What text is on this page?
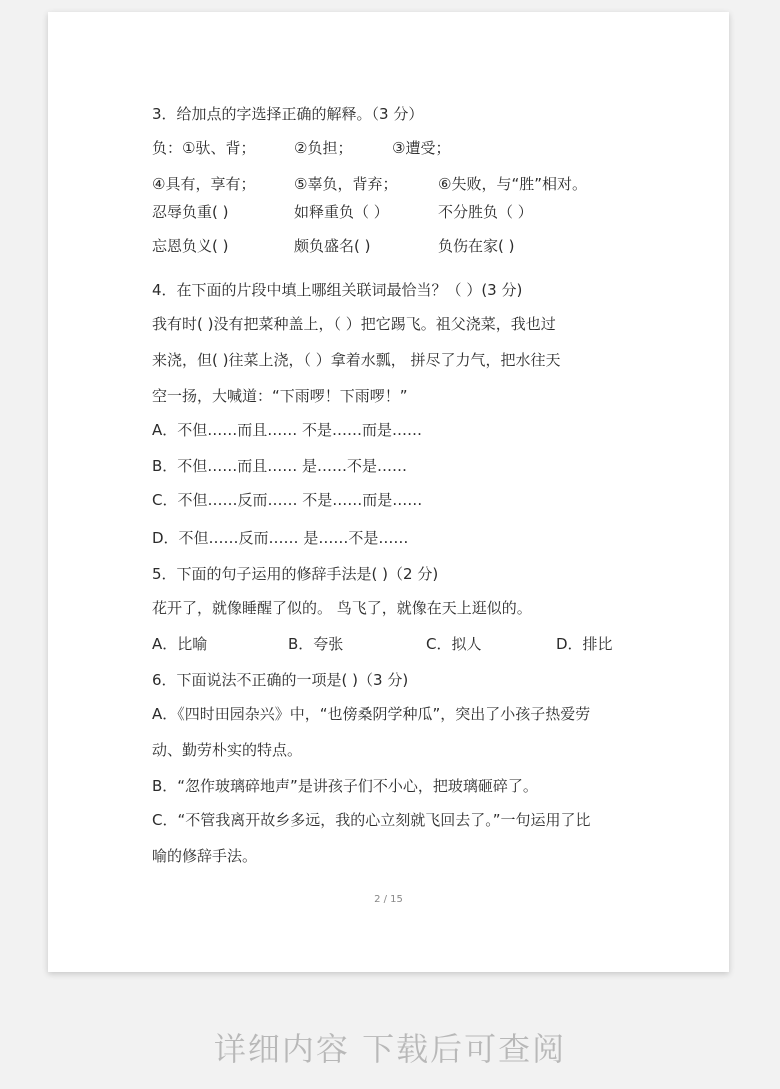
3．给加点的字选择正确的解释。（3 分）
负： ①驮、背；	②负担；	③遭受；
④具有，享有；	⑤辜负，背弃；	⑥失败，与“胜”相对。
忍辱负重( )	如释重负（ ）	不分胜负（ ）
忘恩负义( )	颇负盛名( )	负伤在家( )
4．在下面的片段中填上哪组关联词最恰当？（ ）(3 分)
我有时( )没有把菜种盖上，（ ）把它踢飞。祖父浇菜，我也过
来浇，但( )往菜上浇，（ ）拿着水瓢， 拼尽了力气，把水往天
空一扬，大喊道：“下雨啰！下雨啰！”
A．不但……而且…… 不是……而是……
B．不但……而且…… 是……不是……
C．不但……反而…… 不是……而是……
D．不但……反而…… 是……不是……
5．下面的句子运用的修辞手法是( )（2 分)
花开了，就像睡醒了似的。 鸟飞了，就像在天上逛似的。
A．比喻	B．夸张	C．拟人	D．排比
6．下面说法不正确的一项是( )（3 分)
A．《四时田园杂兴》中，“也傍桑阴学种瓜”，突出了小孩子热爱劳
动、勤劳朴实的特点。
B．“忽作玻璃碎地声”是讲孩子们不小心，把玻璃砸碎了。
C．“不管我离开故乡多远，我的心立刻就飞回去了。”一句运用了比
喻的修辞手法。
2 / 15
详细内容 下载后可查阅
